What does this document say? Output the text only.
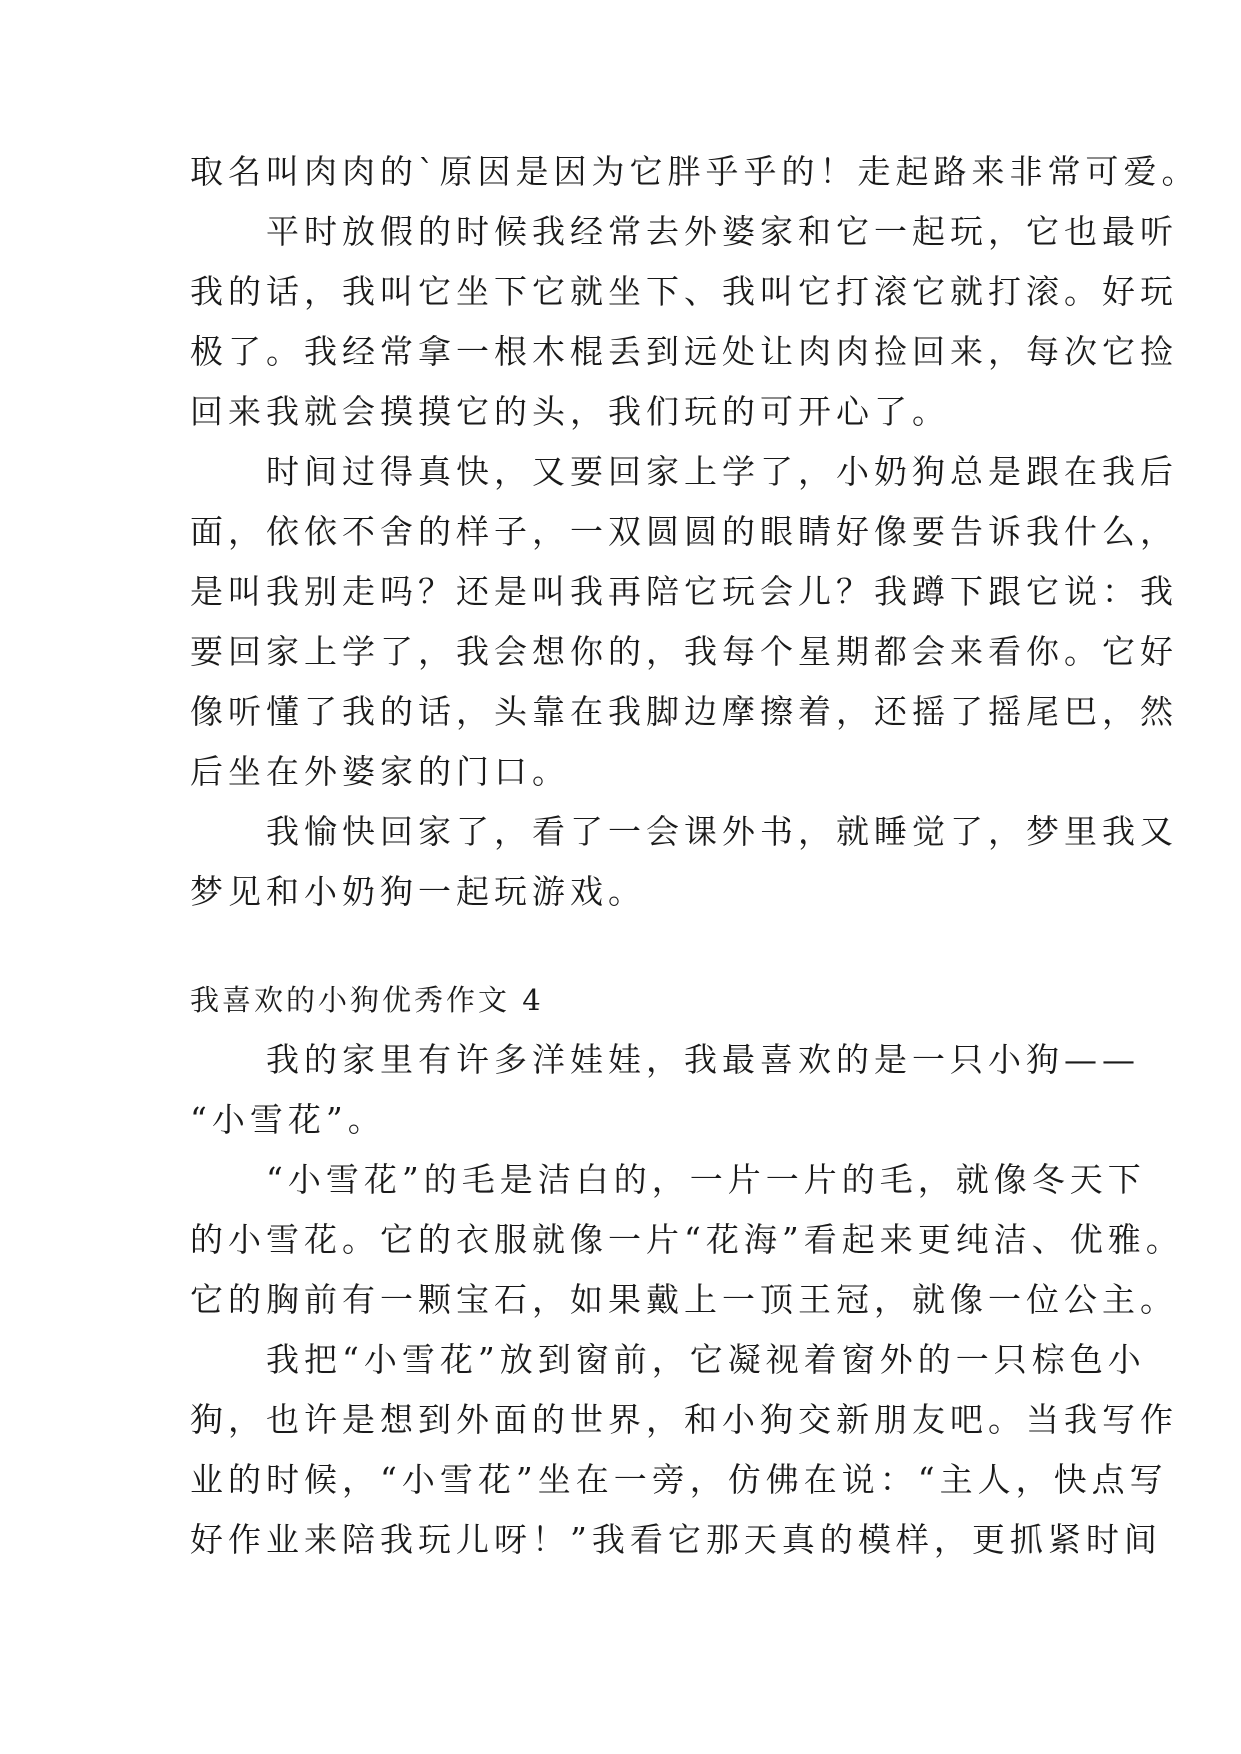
取名叫肉肉的`原因是因为它胖乎乎的！走起路来非常可爱。
　　平时放假的时候我经常去外婆家和它一起玩，它也最听
我的话，我叫它坐下它就坐下、我叫它打滚它就打滚。好玩
极了。我经常拿一根木棍丢到远处让肉肉捡回来，每次它捡
回来我就会摸摸它的头，我们玩的可开心了。
　　时间过得真快，又要回家上学了，小奶狗总是跟在我后
面，依依不舍的样子，一双圆圆的眼睛好像要告诉我什么，
是叫我别走吗？还是叫我再陪它玩会儿？我蹲下跟它说：我
要回家上学了，我会想你的，我每个星期都会来看你。它好
像听懂了我的话，头靠在我脚边摩擦着，还摇了摇尾巴，然
后坐在外婆家的门口。
　　我愉快回家了，看了一会课外书，就睡觉了，梦里我又
梦见和小奶狗一起玩游戏。
我喜欢的小狗优秀作文 4
　　我的家里有许多洋娃娃，我最喜欢的是一只小狗——
“小雪花”。
　　“小雪花”的毛是洁白的，一片一片的毛，就像冬天下
的小雪花。它的衣服就像一片“花海”看起来更纯洁、优雅。
它的胸前有一颗宝石，如果戴上一顶王冠，就像一位公主。
　　我把“小雪花”放到窗前，它凝视着窗外的一只棕色小
狗，也许是想到外面的世界，和小狗交新朋友吧。当我写作
业的时候，“小雪花”坐在一旁，仿佛在说：“主人，快点写
好作业来陪我玩儿呀！”我看它那天真的模样，更抓紧时间
